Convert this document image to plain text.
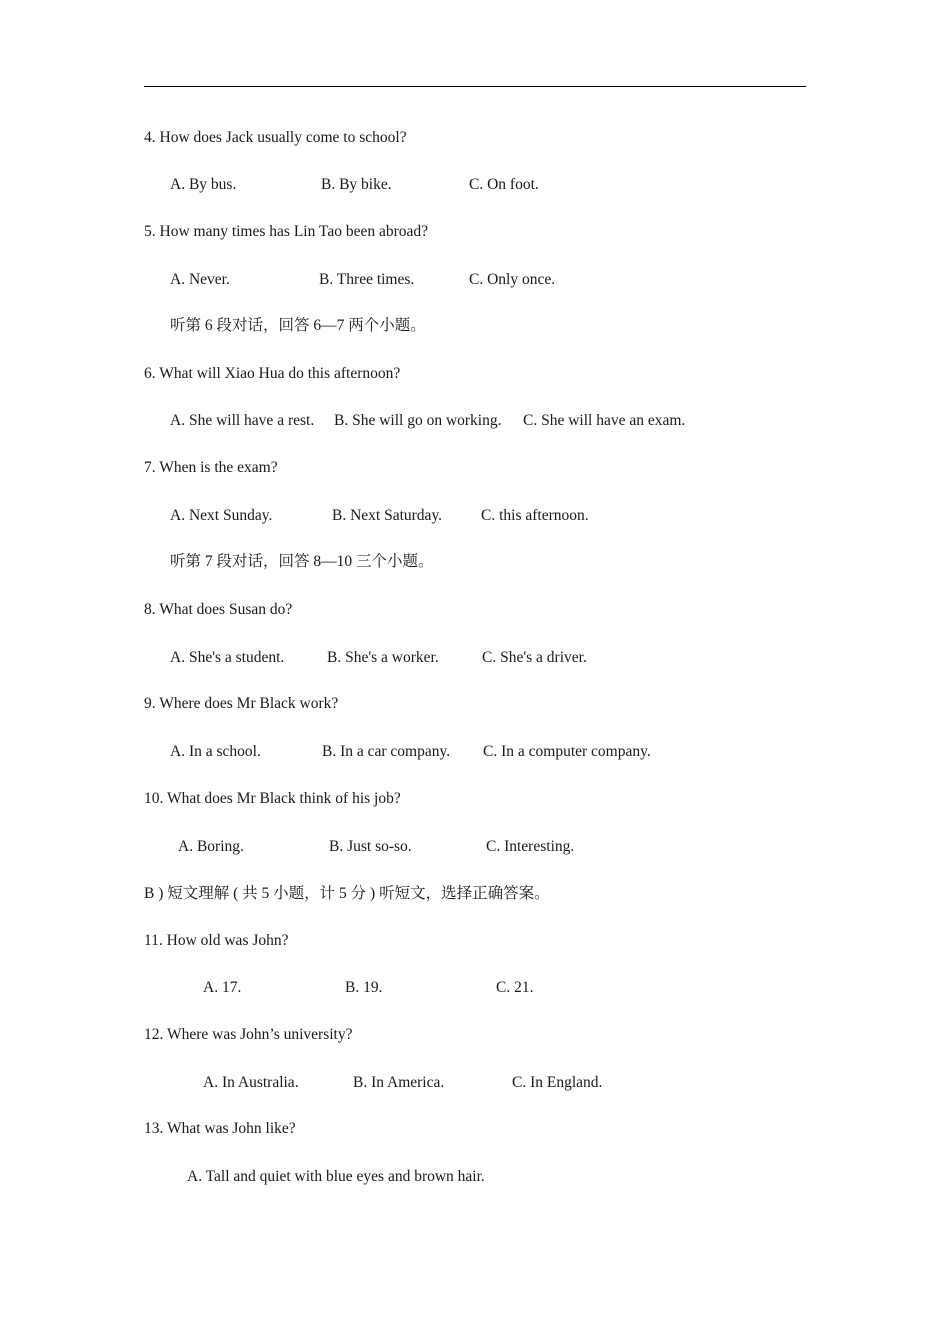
4. How does Jack usually come to school?
A. By bus.	B. By bike.	C. On foot.
5. How many times has Lin Tao been abroad?
A. Never.	B. Three times.	C. Only once.
听第 6 段对话，回答 6—7 两个小题。
6. What will Xiao Hua do this afternoon?
A. She will have a rest. B. She will go on working. C. She will have an exam.
7. When is the exam?
A. Next Sunday.	B. Next Saturday.	C. this afternoon.
听第 7 段对话，回答 8—10 三个小题。
8. What does Susan do?
A. She's a student.	B. She's a worker.	C. She's a driver.
9. Where does Mr Black work?
A. In a school.	B. In a car company. C. In a computer company.
10. What does Mr Black think of his job?
A. Boring.	B. Just so-so.	C. Interesting.
B ) 短文理解 ( 共 5 小题，计 5 分 ) 听短文，选择正确答案。
11. How old was John?
A. 17.	B. 19.	C. 21.
12. Where was John’s university?
A. In Australia.	B. In America.	C. In England.
13. What was John like?
A. Tall and quiet with blue eyes and brown hair.
